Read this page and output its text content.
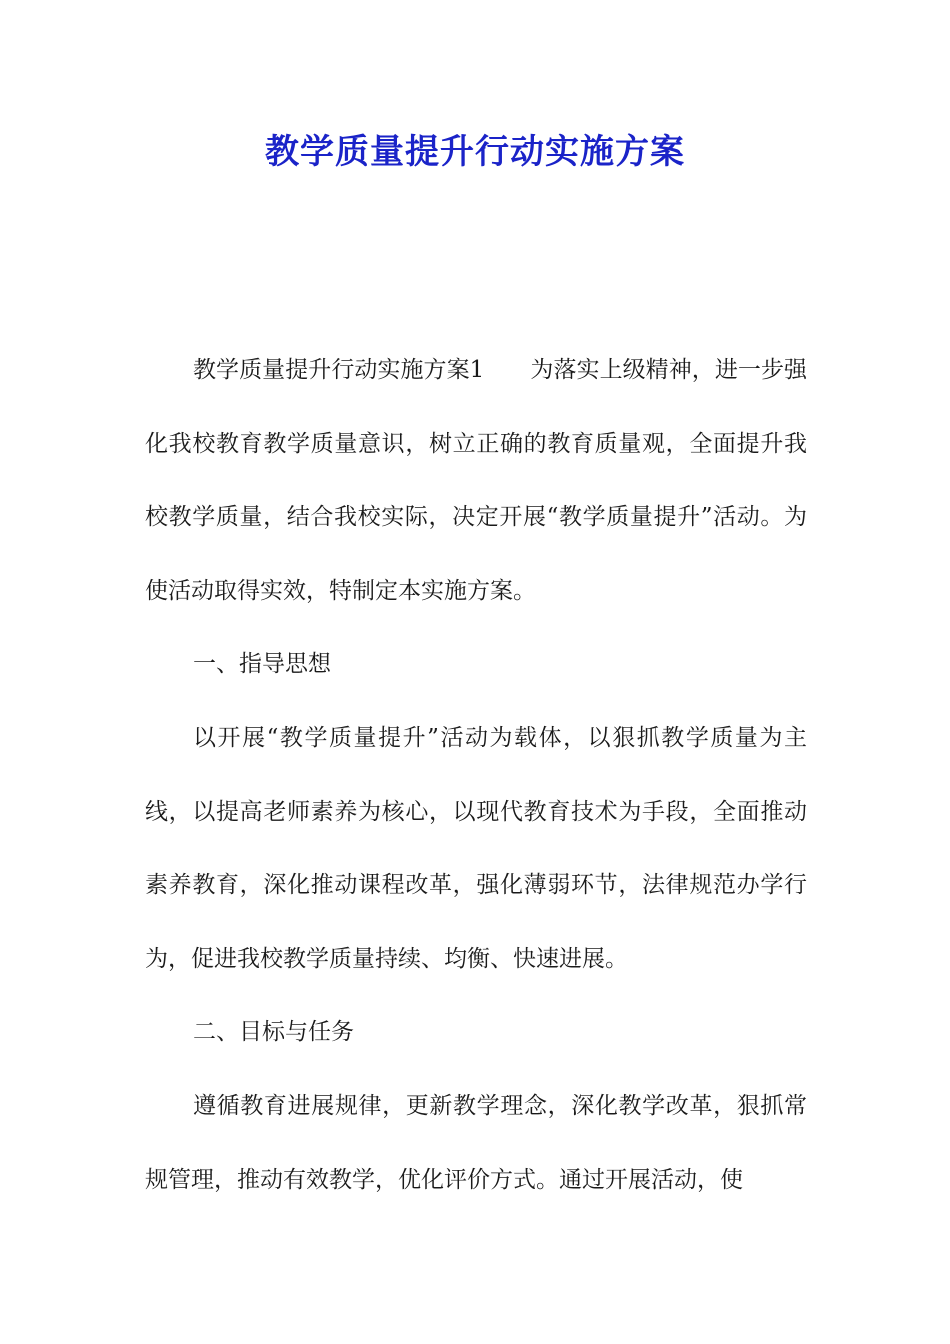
教学质量提升行动实施方案

教学质量提升行动实施方案1　　为落实上级精神，进一步强化我校教育教学质量意识，树立正确的教育质量观，全面提升我校教学质量，结合我校实际，决定开展“教学质量提升”活动。为使活动取得实效，特制定本实施方案。

一、指导思想

以开展“教学质量提升”活动为载体，以狠抓教学质量为主线，以提高老师素养为核心，以现代教育技术为手段，全面推动素养教育，深化推动课程改革，强化薄弱环节，法律规范办学行为，促进我校教学质量持续、均衡、快速进展。

二、目标与任务

遵循教育进展规律，更新教学理念，深化教学改革，狠抓常规管理，推动有效教学，优化评价方式。通过开展活动，使
